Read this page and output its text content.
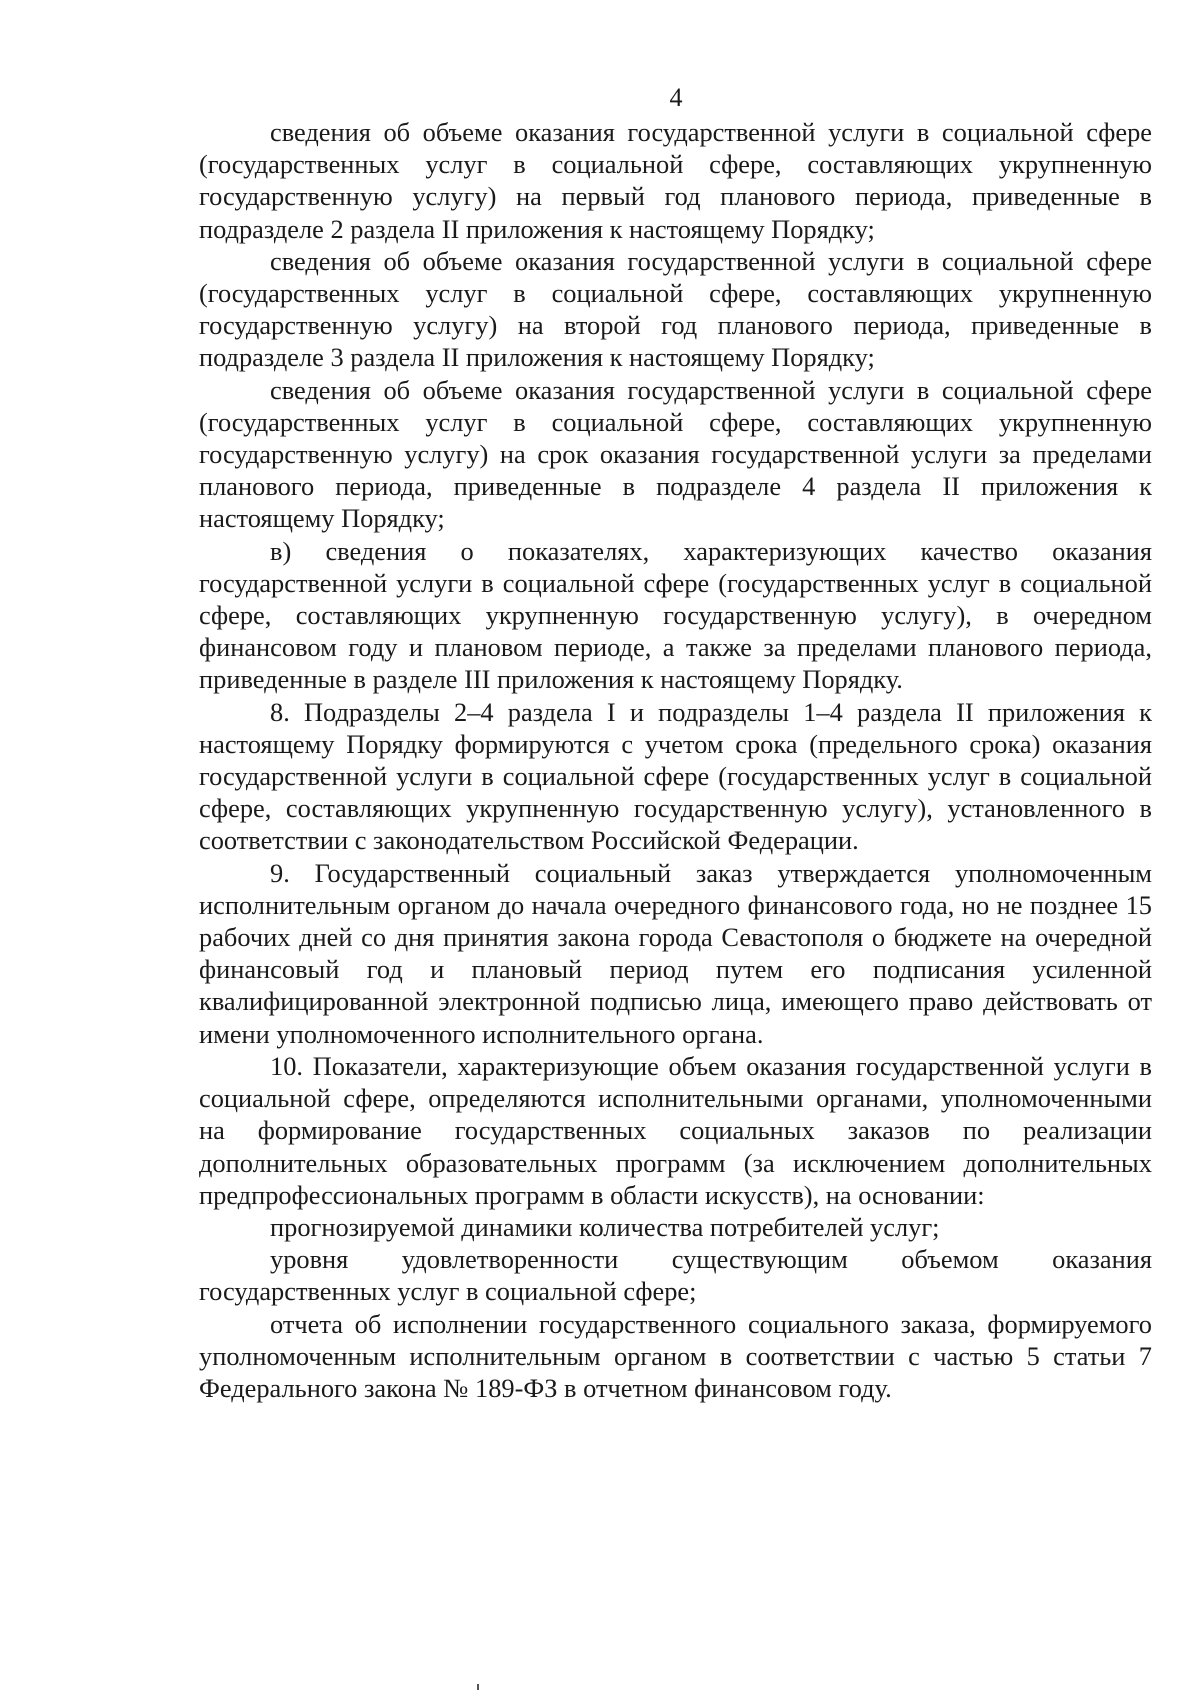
4

сведения об объеме оказания государственной услуги в социальной сфере (государственных услуг в социальной сфере, составляющих укрупненную государственную услугу) на первый год планового периода, приведенные в подразделе 2 раздела II приложения к настоящему Порядку;

сведения об объеме оказания государственной услуги в социальной сфере (государственных услуг в социальной сфере, составляющих укрупненную государственную услугу) на второй год планового периода, приведенные в подразделе 3 раздела II приложения к настоящему Порядку;

сведения об объеме оказания государственной услуги в социальной сфере (государственных услуг в социальной сфере, составляющих укрупненную государственную услугу) на срок оказания государственной услуги за пределами планового периода, приведенные в подразделе 4 раздела II приложения к настоящему Порядку;

в) сведения о показателях, характеризующих качество оказания государственной услуги в социальной сфере (государственных услуг в социальной сфере, составляющих укрупненную государственную услугу), в очередном финансовом году и плановом периоде, а также за пределами планового периода, приведенные в разделе III приложения к настоящему Порядку.

8. Подразделы 2–4 раздела I и подразделы 1–4 раздела II приложения к настоящему Порядку формируются с учетом срока (предельного срока) оказания государственной услуги в социальной сфере (государственных услуг в социальной сфере, составляющих укрупненную государственную услугу), установленного в соответствии с законодательством Российской Федерации.

9. Государственный социальный заказ утверждается уполномоченным исполнительным органом до начала очередного финансового года, но не позднее 15 рабочих дней со дня принятия закона города Севастополя о бюджете на очередной финансовый год и плановый период путем его подписания усиленной квалифицированной электронной подписью лица, имеющего право действовать от имени уполномоченного исполнительного органа.

10. Показатели, характеризующие объем оказания государственной услуги в социальной сфере, определяются исполнительными органами, уполномоченными на формирование государственных социальных заказов по реализации дополнительных образовательных программ (за исключением дополнительных предпрофессиональных программ в области искусств), на основании:

прогнозируемой динамики количества потребителей услуг;

уровня удовлетворенности существующим объемом оказания государственных услуг в социальной сфере;

отчета об исполнении государственного социального заказа, формируемого уполномоченным исполнительным органом в соответствии с частью 5 статьи 7 Федерального закона № 189-ФЗ в отчетном финансовом году.
